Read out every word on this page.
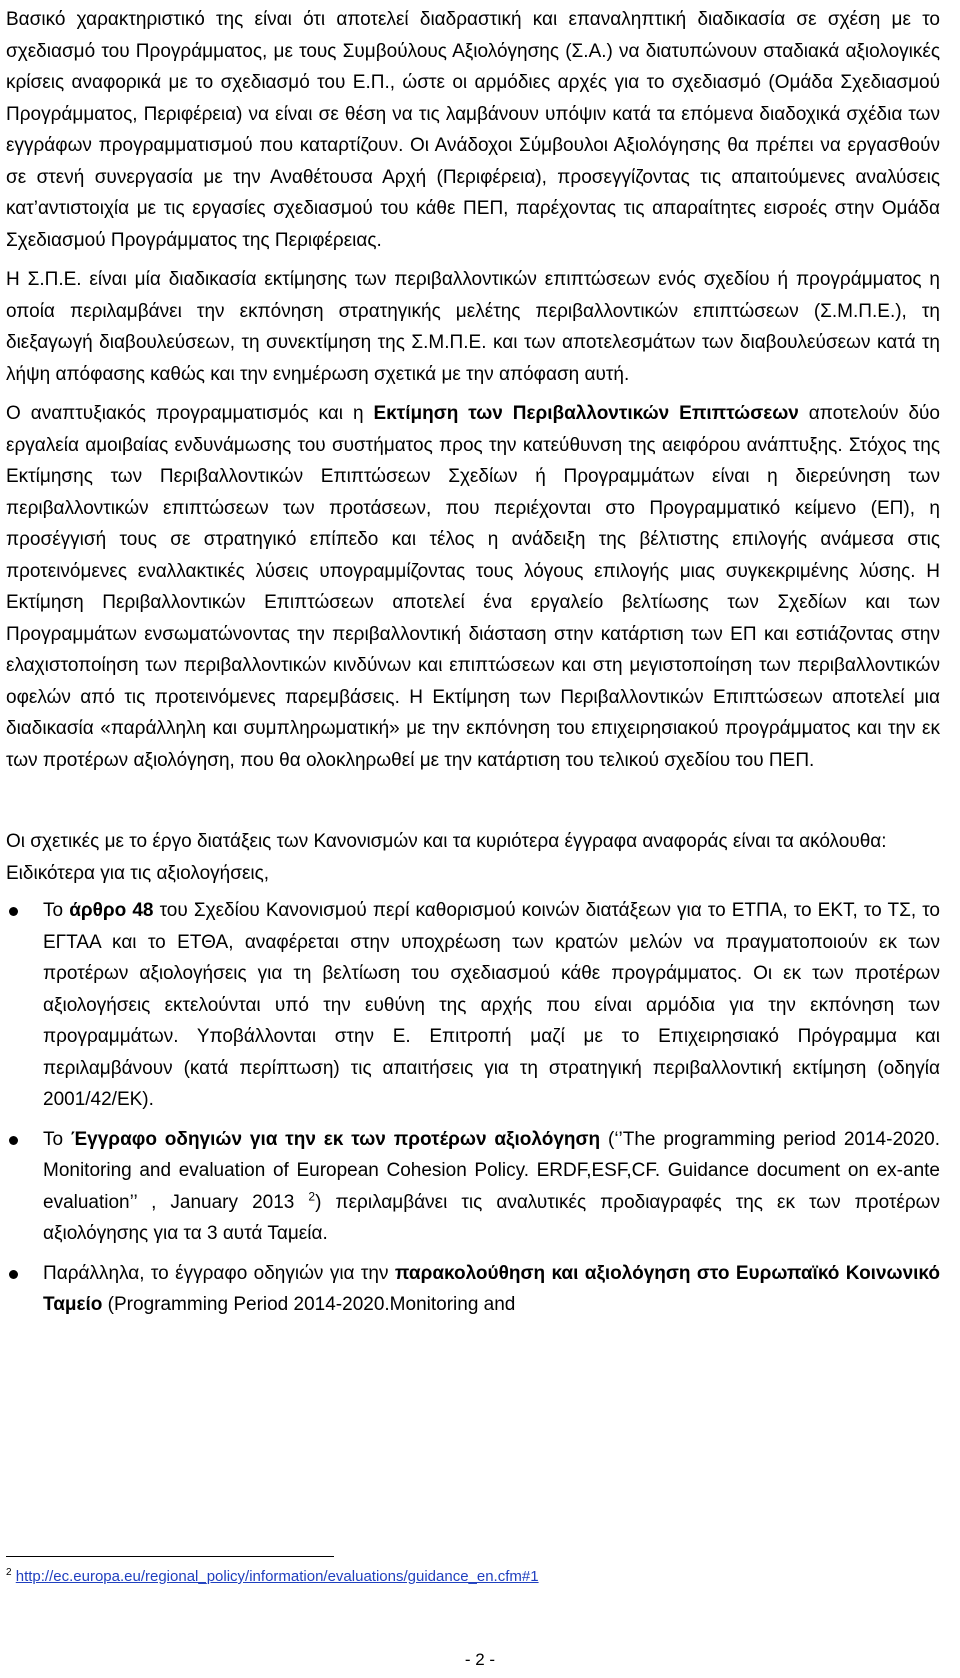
Βασικό χαρακτηριστικό της είναι ότι αποτελεί διαδραστική και επαναληπτική διαδικασία σε σχέση με το σχεδιασμό του Προγράμματος, με τους Συμβούλους Αξιολόγησης (Σ.Α.) να διατυπώνουν σταδιακά αξιολογικές κρίσεις αναφορικά με το σχεδιασμό του Ε.Π., ώστε οι αρμόδιες αρχές για το σχεδιασμό (Ομάδα Σχεδιασμού Προγράμματος, Περιφέρεια) να είναι σε θέση να τις λαμβάνουν υπόψιν κατά τα επόμενα διαδοχικά σχέδια των εγγράφων προγραμματισμού που καταρτίζουν. Οι Ανάδοχοι Σύμβουλοι Αξιολόγησης θα πρέπει να εργασθούν σε στενή συνεργασία με την Αναθέτουσα Αρχή (Περιφέρεια), προσεγγίζοντας τις απαιτούμενες αναλύσεις κατ’αντιστοιχία με τις εργασίες σχεδιασμού του κάθε ΠΕΠ, παρέχοντας τις απαραίτητες εισροές στην Ομάδα Σχεδιασμού Προγράμματος της Περιφέρειας.

Η Σ.Π.Ε. είναι μία διαδικασία εκτίμησης των περιβαλλοντικών επιπτώσεων ενός σχεδίου ή προγράμματος η οποία περιλαμβάνει την εκπόνηση στρατηγικής μελέτης περιβαλλοντικών επιπτώσεων (Σ.Μ.Π.Ε.), τη διεξαγωγή διαβουλεύσεων, τη συνεκτίμηση της Σ.Μ.Π.Ε. και των αποτελεσμάτων των διαβουλεύσεων κατά τη λήψη απόφασης καθώς και την ενημέρωση σχετικά με την απόφαση αυτή.

Ο αναπτυξιακός προγραμματισμός και η Εκτίμηση των Περιβαλλοντικών Επιπτώσεων αποτελούν δύο εργαλεία αμοιβαίας ενδυνάμωσης του συστήματος προς την κατεύθυνση της αειφόρου ανάπτυξης. Στόχος της Εκτίμησης των Περιβαλλοντικών Επιπτώσεων Σχεδίων ή Προγραμμάτων είναι η διερεύνηση των περιβαλλοντικών επιπτώσεων των προτάσεων, που περιέχονται στο Προγραμματικό κείμενο (ΕΠ), η προσέγγισή τους σε στρατηγικό επίπεδο και τέλος η ανάδειξη της βέλτιστης επιλογής ανάμεσα στις προτεινόμενες εναλλακτικές λύσεις υπογραμμίζοντας τους λόγους επιλογής μιας συγκεκριμένης λύσης. Η Εκτίμηση Περιβαλλοντικών Επιπτώσεων αποτελεί ένα εργαλείο βελτίωσης των Σχεδίων και των Προγραμμάτων ενσωματώνοντας την περιβαλλοντική διάσταση στην κατάρτιση των ΕΠ και εστιάζοντας στην ελαχιστοποίηση των περιβαλλοντικών κινδύνων και επιπτώσεων και στη μεγιστοποίηση των περιβαλλοντικών οφελών από τις προτεινόμενες παρεμβάσεις. Η Εκτίμηση των Περιβαλλοντικών Επιπτώσεων αποτελεί μια διαδικασία «παράλληλη και συμπληρωματική» με την εκπόνηση του επιχειρησιακού προγράμματος και την εκ των προτέρων αξιολόγηση, που θα ολοκληρωθεί με την κατάρτιση του τελικού σχεδίου του ΠΕΠ.

Οι σχετικές με το έργο διατάξεις των Κανονισμών και τα κυριότερα έγγραφα αναφοράς είναι τα ακόλουθα:

Ειδικότερα για τις αξιολογήσεις,

Το άρθρο 48 του Σχεδίου Κανονισμού περί καθορισμού κοινών διατάξεων για το ΕΤΠΑ, το ΕΚΤ, το ΤΣ, το ΕΓΤΑΑ και το ΕΤΘΑ, αναφέρεται στην υποχρέωση των κρατών μελών να πραγματοποιούν εκ των προτέρων αξιολογήσεις για τη βελτίωση του σχεδιασμού κάθε προγράμματος. Οι εκ των προτέρων αξιολογήσεις εκτελούνται υπό την ευθύνη της αρχής που είναι αρμόδια για την εκπόνηση των προγραμμάτων. Υποβάλλονται στην Ε. Επιτροπή μαζί με το Επιχειρησιακό Πρόγραμμα και περιλαμβάνουν (κατά περίπτωση) τις απαιτήσεις για τη στρατηγική περιβαλλοντική εκτίμηση (οδηγία 2001/42/ΕΚ).
Το Έγγραφο οδηγιών για την εκ των προτέρων αξιολόγηση (‘’The programming period 2014-2020. Monitoring and evaluation of European Cohesion Policy. ERDF,ESF,CF. Guidance document on ex-ante evaluation’’ , January 2013 $^2$) περιλαμβάνει τις αναλυτικές προδιαγραφές της εκ των προτέρων αξιολόγησης για τα 3 αυτά Ταμεία.
Παράλληλα, το έγγραφο οδηγιών για την παρακολούθηση και αξιολόγηση στο Ευρωπαϊκό Κοινωνικό Ταμείο (Programming Period 2014-2020.Monitoring and
$^2$ http://ec.europa.eu/regional_policy/information/evaluations/guidance_en.cfm#1
- 2 -
